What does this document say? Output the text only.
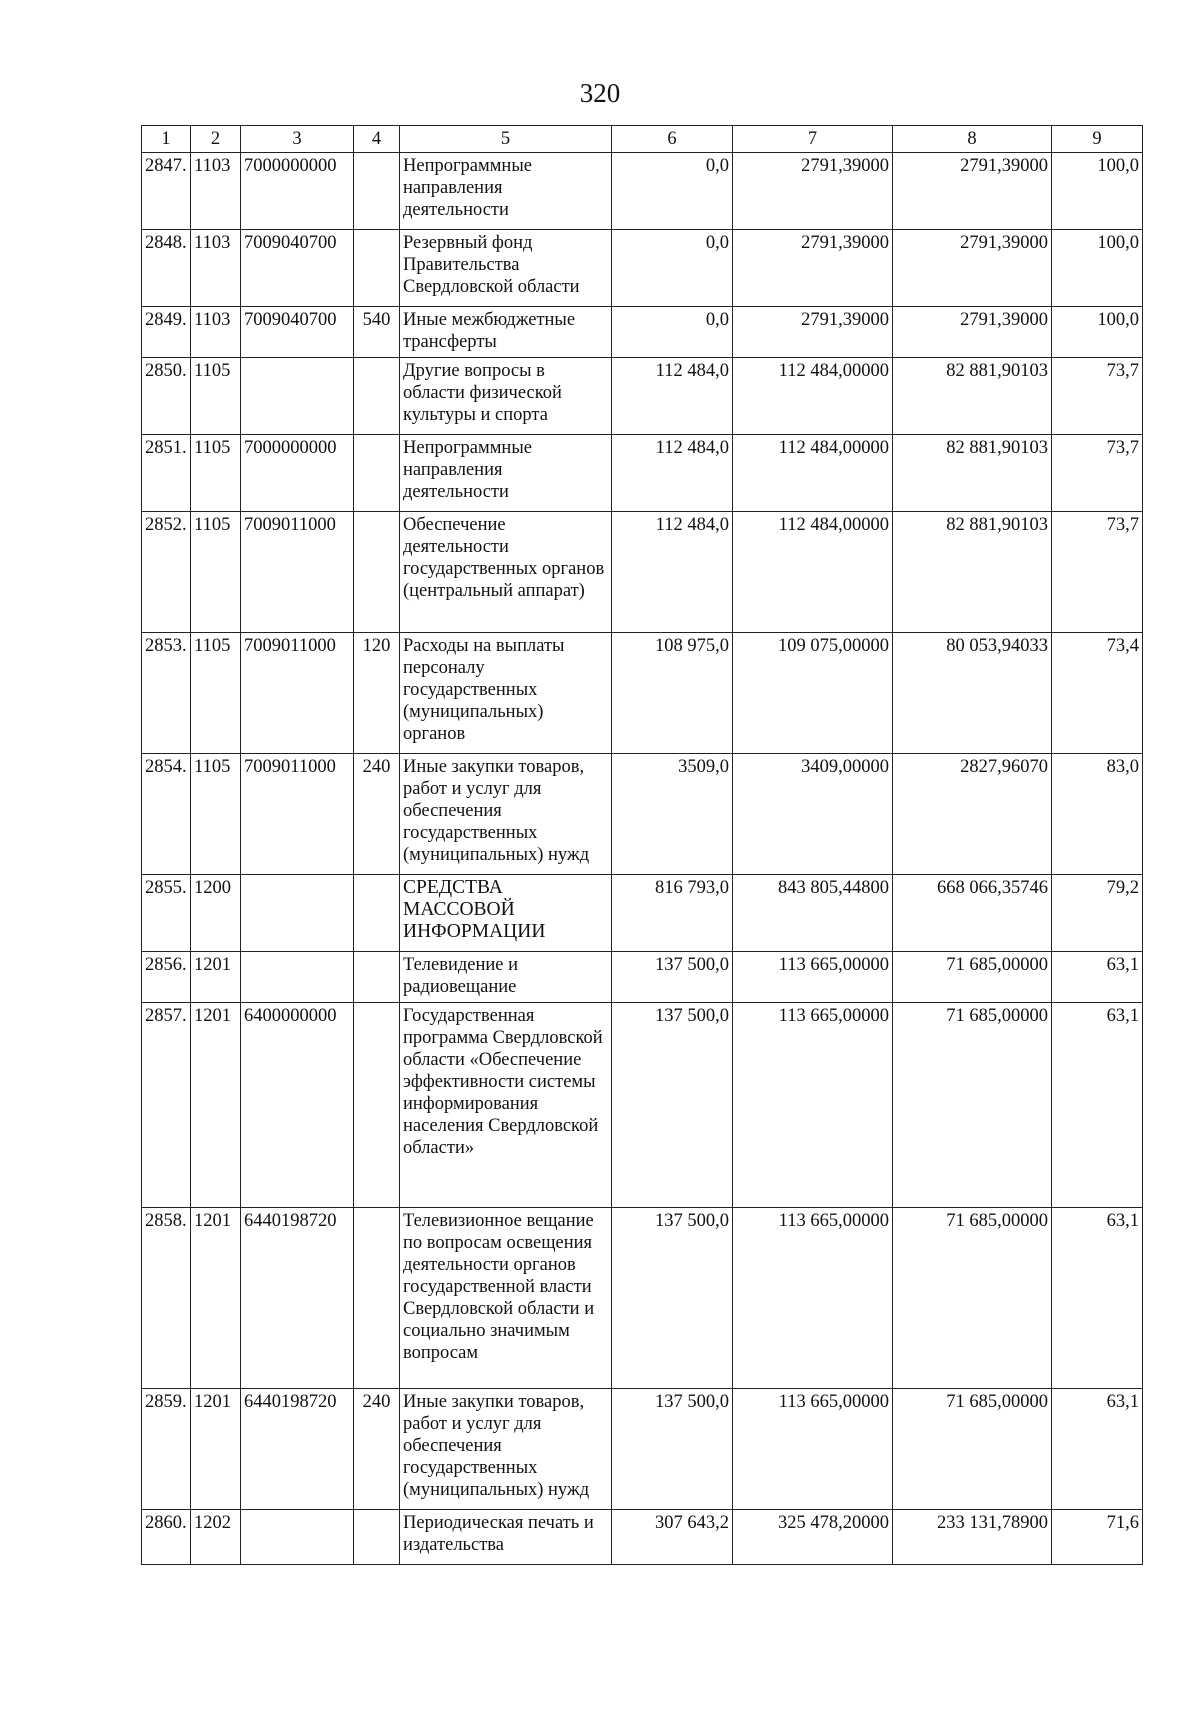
320
1	2	3	4	5	6	7	8	9
2847.	1103	7000000000		Непрограммные направления деятельности	0,0	2791,39000	2791,39000	100,0
2848.	1103	7009040700		Резервный фонд Правительства Свердловской области	0,0	2791,39000	2791,39000	100,0
2849.	1103	7009040700	540	Иные межбюджетные трансферты	0,0	2791,39000	2791,39000	100,0
2850.	1105			Другие вопросы в области физической культуры и спорта	112 484,0	112 484,00000	82 881,90103	73,7
2851.	1105	7000000000		Непрограммные направления деятельности	112 484,0	112 484,00000	82 881,90103	73,7
2852.	1105	7009011000		Обеспечение деятельности государственных органов (центральный аппарат)	112 484,0	112 484,00000	82 881,90103	73,7
2853.	1105	7009011000	120	Расходы на выплаты персоналу государственных (муниципальных) органов	108 975,0	109 075,00000	80 053,94033	73,4
2854.	1105	7009011000	240	Иные закупки товаров, работ и услуг для обеспечения государственных (муниципальных) нужд	3509,0	3409,00000	2827,96070	83,0
2855.	1200			СРЕДСТВА МАССОВОЙ ИНФОРМАЦИИ	816 793,0	843 805,44800	668 066,35746	79,2
2856.	1201			Телевидение и радиовещание	137 500,0	113 665,00000	71 685,00000	63,1
2857.	1201	6400000000		Государственная программа Свердловской области «Обеспечение эффективности системы информирования населения Свердловской области»	137 500,0	113 665,00000	71 685,00000	63,1
2858.	1201	6440198720		Телевизионное вещание по вопросам освещения деятельности органов государственной власти Свердловской области и социально значимым вопросам	137 500,0	113 665,00000	71 685,00000	63,1
2859.	1201	6440198720	240	Иные закупки товаров, работ и услуг для обеспечения государственных (муниципальных) нужд	137 500,0	113 665,00000	71 685,00000	63,1
2860.	1202			Периодическая печать и издательства	307 643,2	325 478,20000	233 131,78900	71,6
